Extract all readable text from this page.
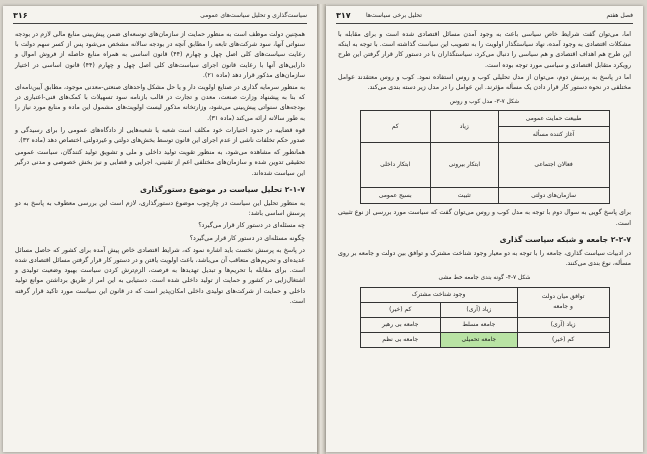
سیاست‌گذاری و تحلیل سیاست‌های عمومی
۳۱۶

همچنین دولت موظف است به منظور حمایت از سازمان‌های توسعه‌ای ضمن پیش‌بینی منابع مالی لازم در بودجه سنواتی آنها، سود شرکت‌های تابعه را مطابق آنچه در بودجه سالانه مشخص می‌شود پس از کسر سهم دولت با رعایت سیاست‌های کلی اصل چهل و چهارم (۴۴) قانون اساسی به همراه منابع حاصله از فروش اموال و دارایی‌های آنها با رعایت قانون اجرای سیاست‌های کلی اصل چهل و چهارم (۴۴) قانون اساسی در اختیار سازمان‌های مذکور قرار دهد (ماده ۲۱).

به منظور سرمایه گذاری در صنایع اولویت دار و یا حل مشکل واحدهای صنعتی-معدنی موجود، مطابق آیین‌نامه‌ای که بنا به پیشنهاد وزارت صنعت، معدن و تجارت در قالب بازنامه سود تسهیلات با کمک‌های فنی-اعتباری در بودجه‌های سنواتی پیش‌بینی می‌شود، وزارتخانه مذکور لیست اولویت‌های مشمول این ماده و منابع مورد نیاز را به طور سالانه ارائه می‌کند (ماده ۳۱).

قوه قضاییه در حدود اختیارات خود مکلف است شعبه یا شعبه‌هایی از دادگاه‌های عمومی را برای رسیدگی و صدور حکم تخلفات ناشی از عدم اجرای این قانون توسط بخش‌های دولتی و غیردولتی اختصاص دهد (ماده ۳۲).

همانطور که مشاهده می‌شود، به منظور تقویت تولید داخلی و ملی و تشویق تولید کنندگان، سیاست عمومی تحقیقی تدوین شده و سازمان‌های مختلفی اعم از تقنینی، اجرایی و قضایی و نیز بخش خصوصی و مدنی درگیر این سیاست شده‌اند.

۲-۱-۷ تحلیل سیاست در موضوع دستورگذاری

به منظور تحلیل این سیاست در چارچوب موضوع دستورگذاری، لازم است این بررسی معطوف به پاسخ به دو پرسش اساسی باشد:

چه مسئله‌ای در دستور کار قرار می‌گیرد؟

چگونه مسئله‌ای در دستور کار قرار می‌گیرد؟

در پاسخ به پرسش نخست باید اشاره نمود که، شرایط اقتصادی خاص پیش آمده برای کشور که حاصل مسائل عدیده‌ای و تحریم‌های متعاقب آن می‌باشد، باعث اولویت یافتن و در دستور کار قرار گرفتن مسائل اقتصادی شده است. برای مقابله با تحریم‌ها و تبدیل تهدید‌ها به فرصت، الزم‌ترش کردن سیاست بهبود وضعیت تولیدی و اشتغال‌زایی در کشور و حمایت از تولید داخلی شده است. دستیابی به این امر از طریق برداشتن موانع تولید داخلی و حمایت از شرکت‌های تولیدی داخلی امکان‌پذیر است که در قانون این سیاست مورد تاکید قرار گرفته است.

فصل هفتم
تحلیل برخی سیاست‌ها
۳۱۷

اما، می‌توان گفت شرایط خاص سیاسی باعث به وجود آمدن مسائل اقتصادی شده است و برای مقابله با مشکلات اقتصادی به وجود آمده، نهاد سیاستگذار اولویت را به تصویب این سیاست گذاشته است. با توجه به اینکه این طرح هم اهداف اقتصادی و هم سیاسی را دنبال می‌کرد، سیاستگذاران با در دستور کار قرار گرفتن این طرح رویکرد متقابل اقتصادی و سیاسی مورد توجه بوده است.

اما در پاسخ به پرسش دوم، می‌توان از مدل تحلیلی کوب و روس استفاده نمود. کوب و روس معتقدند عوامل مختلفی در نحوه دستور کار قرار دادن یک مسأله مؤثرند. این عوامل را در مدل زیر دسته بندی می‌کند.

شکل ۷-۳- مدل کوب و روس
طبیعت حمایت عمومی	زیاد	کم
آغاز کننده مسأله		
فعالان اجتماعی	ابتکار بیرونی	ابتکار داخلی
سازمان‌های دولتی	تثبیت	بسیج عمومی

برای پاسخ گویی به سوال دوم با توجه به مدل کوب و روس می‌توان گفت که سیاست مورد بررسی از نوع تثبیتی است.

۲-۲-۷ جامعه و شبکه سیاست گذاری

در ادبیات سیاست گذاری، جامعه را با توجه به دو معیار وجود شناخت مشترک و توافق بین دولت و جامعه بر روی مسأله، نوع بندی می‌کنند.

شکل ۷-۴- گونه بندی جامعه خط مشی
توافق میان دولت
و جامعه	وجود شناخت مشترک	
	زیاد (آری)	کم (خیر)
زیاد (آری)	جامعه مسلط	جامعه بی رهبر
کم (خیر)	جامعه تحمیلی	جامعه بی نظم
